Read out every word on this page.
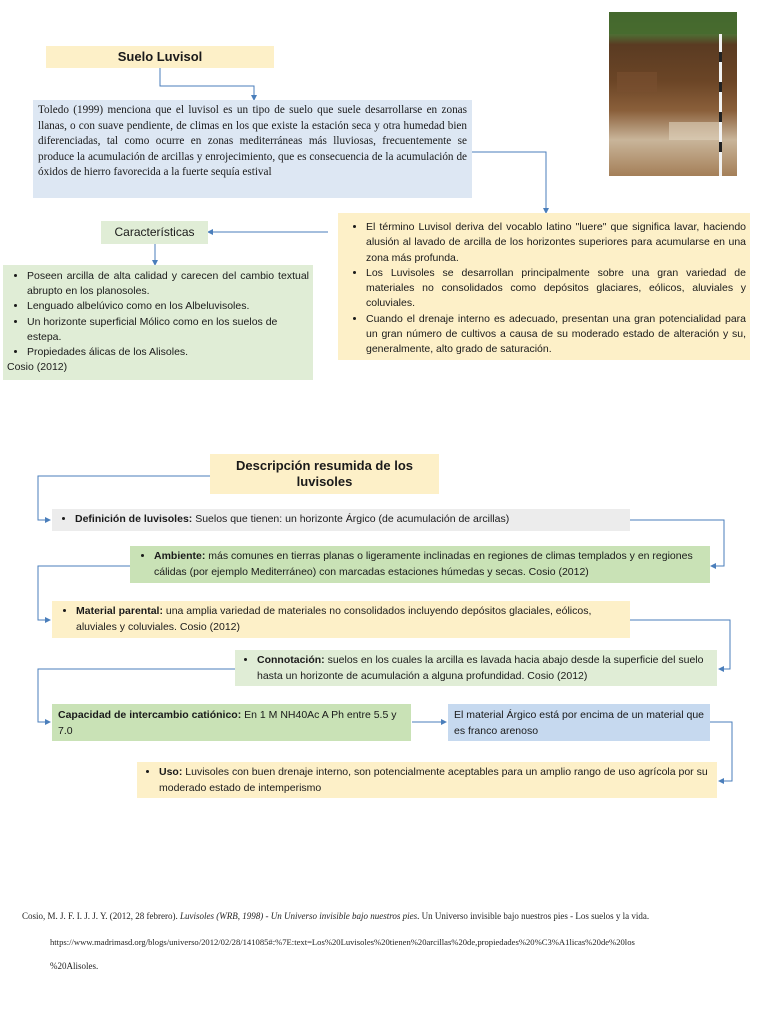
Suelo Luvisol
Toledo (1999) menciona que el luvisol es un tipo de suelo que suele desarrollarse en zonas llanas, o con suave pendiente, de climas en los que existe la estación seca y otra humedad bien diferenciadas, tal como ocurre en zonas mediterráneas más lluviosas, frecuentemente se produce la acumulación de arcillas y enrojecimiento, que es consecuencia de la acumulación de óxidos de hierro favorecida a la fuerte sequía estival
Características
• Poseen arcilla de alta calidad y carecen del cambio textual abrupto en los planosoles.
• Lenguado albelúvico como en los Albeluvisoles.
• Un horizonte superficial Mólico como en los suelos de estepa.
• Propiedades álicas de los Alisoles.
Cosio (2012)
• El término Luvisol deriva del vocablo latino "luere" que significa lavar, haciendo alusión al lavado de arcilla de los horizontes superiores para acumularse en una zona más profunda.
• Los Luvisoles se desarrollan principalmente sobre una gran variedad de materiales no consolidados como depósitos glaciares, eólicos, aluviales y coluviales.
• Cuando el drenaje interno es adecuado, presentan una gran potencialidad para un gran número de cultivos a causa de su moderado estado de alteración y su, generalmente, alto grado de saturación.
Descripción resumida de los luvisoles
• Definición de luvisoles: Suelos que tienen: un horizonte Árgico (de acumulación de arcillas)
• Ambiente: más comunes en tierras planas o ligeramente inclinadas en regiones de climas templados y en regiones cálidas (por ejemplo Mediterráneo) con marcadas estaciones húmedas y secas. Cosio (2012)
• Material parental: una amplia variedad de materiales no consolidados incluyendo depósitos glaciales, eólicos, aluviales y coluviales. Cosio (2012)
• Connotación: suelos en los cuales la arcilla es lavada hacia abajo desde la superficie del suelo hasta un horizonte de acumulación a alguna profundidad. Cosio (2012)
Capacidad de intercambio catiónico: En 1 M NH40Ac A Ph entre 5.5 y 7.0
El material Árgico está por encima de un material que es franco arenoso
• Uso: Luvisoles con buen drenaje interno, son potencialmente aceptables para un amplio rango de uso agrícola por su moderado estado de intemperismo
Cosio, M. J. F. I. J. J. Y. (2012, 28 febrero). Luvisoles (WRB, 1998) - Un Universo invisible bajo nuestros pies. Un Universo invisible bajo nuestros pies - Los suelos y la vida.
https://www.madrimasd.org/blogs/universo/2012/02/28/141085#:%7E:text=Los%20Luvisoles%20tienen%20arcillas%20de,propiedades%20%C3%A1licas%20de%20los
%20Alisoles.
